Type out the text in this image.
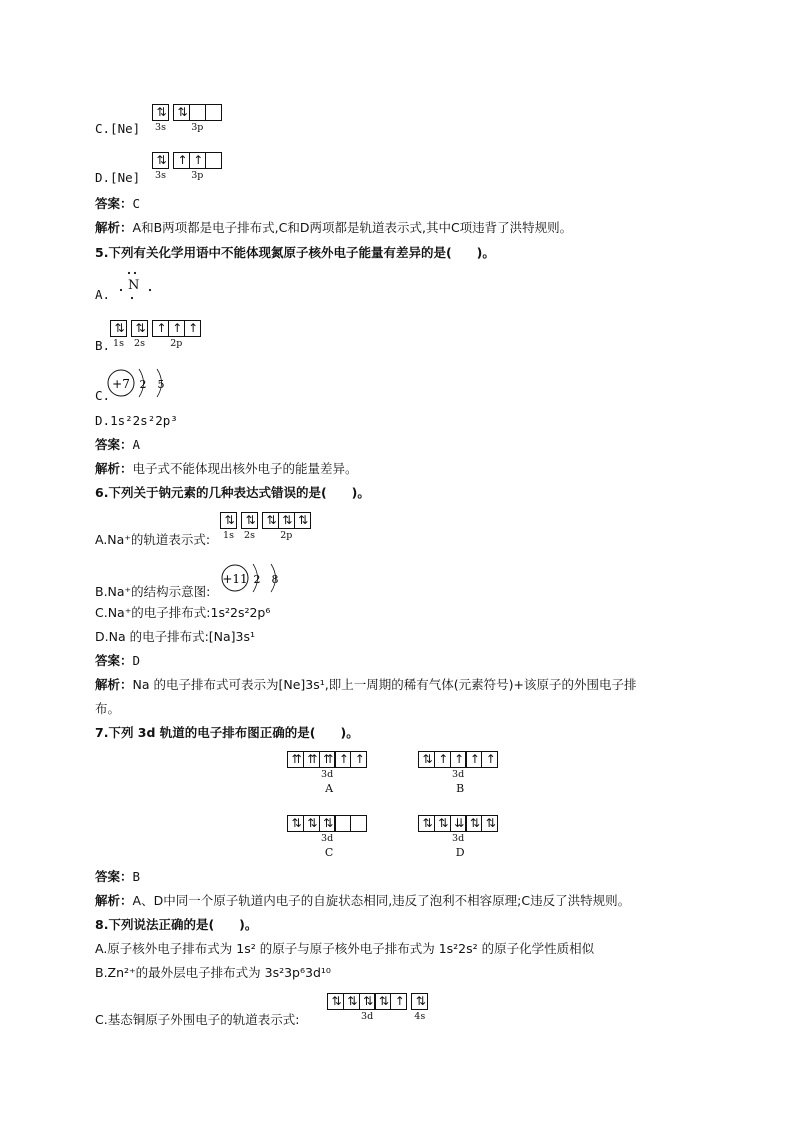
C.[Ne]
⇅
3s
⇅
3p
D.[Ne]
⇅
3s
↑ ↑
3p
答案：C
解析：A和B两项都是电子排布式,C和D两项都是轨道表示式,其中C项违背了洪特规则。
5.下列有关化学用语中不能体现氮原子核外电子能量有差异的是(　　)。
A.
N
B.
⇅
1s
⇅
2s
↑ ↑ ↑
2p
C.
+7 2 5
D.1s²2s²2p³
答案：A
解析：电子式不能体现出核外电子的能量差异。
6.下列关于钠元素的几种表达式错误的是(　　)。
A.Na⁺的轨道表示式:
⇅
1s
⇅
2s
⇅ ⇅ ⇅
2p
B.Na⁺的结构示意图:
+11 2 8
C.Na⁺的电子排布式:1s²2s²2p⁶
D.Na 的电子排布式:[Na]3s¹
答案：D
解析：Na 的电子排布式可表示为[Ne]3s¹,即上一周期的稀有气体(元素符号)+该原子的外围电子排
布。
7.下列 3d 轨道的电子排布图正确的是(　　)。
⇈ ⇈ ⇈ ↑ ↑
3d
A
⇅ ↑ ↑ ↑ ↑
3d
B
⇅ ⇅ ⇅
3d
C
⇅ ⇅ ⇊ ⇅ ⇅
3d
D
答案：B
解析：A、D中同一个原子轨道内电子的自旋状态相同,违反了泡利不相容原理;C违反了洪特规则。
8.下列说法正确的是(　　)。
A.原子核外电子排布式为 1s² 的原子与原子核外电子排布式为 1s²2s² 的原子化学性质相似
B.Zn²⁺的最外层电子排布式为 3s²3p⁶3d¹⁰
C.基态铜原子外围电子的轨道表示式:
⇅ ⇅ ⇅ ⇅ ↑
3d
⇅
4s
